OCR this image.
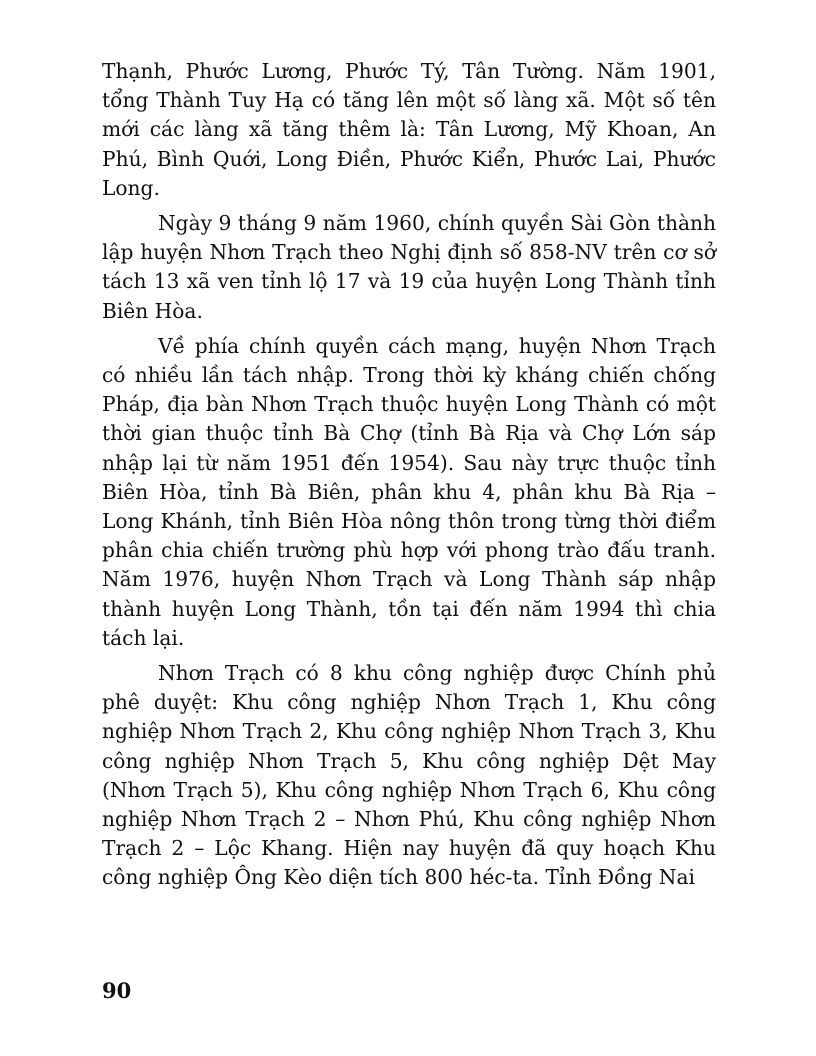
Thạnh, Phước Lương, Phước Tý, Tân Tường. Năm 1901, tổng Thành Tuy Hạ có tăng lên một số làng xã. Một số tên mới các làng xã tăng thêm là: Tân Lương, Mỹ Khoan, An Phú, Bình Quới, Long Điền, Phước Kiển, Phước Lai, Phước Long.

Ngày 9 tháng 9 năm 1960, chính quyền Sài Gòn thành lập huyện Nhơn Trạch theo Nghị định số 858-NV trên cơ sở tách 13 xã ven tỉnh lộ 17 và 19 của huyện Long Thành tỉnh Biên Hòa.

Về phía chính quyền cách mạng, huyện Nhơn Trạch có nhiều lần tách nhập. Trong thời kỳ kháng chiến chống Pháp, địa bàn Nhơn Trạch thuộc huyện Long Thành có một thời gian thuộc tỉnh Bà Chợ (tỉnh Bà Rịa và Chợ Lớn sáp nhập lại từ năm 1951 đến 1954). Sau này trực thuộc tỉnh Biên Hòa, tỉnh Bà Biên, phân khu 4, phân khu Bà Rịa – Long Khánh, tỉnh Biên Hòa nông thôn trong từng thời điểm phân chia chiến trường phù hợp với phong trào đấu tranh. Năm 1976, huyện Nhơn Trạch và Long Thành sáp nhập thành huyện Long Thành, tồn tại đến năm 1994 thì chia tách lại.

Nhơn Trạch có 8 khu công nghiệp được Chính phủ phê duyệt: Khu công nghiệp Nhơn Trạch 1, Khu công nghiệp Nhơn Trạch 2, Khu công nghiệp Nhơn Trạch 3, Khu công nghiệp Nhơn Trạch 5, Khu công nghiệp Dệt May (Nhơn Trạch 5), Khu công nghiệp Nhơn Trạch 6, Khu công nghiệp Nhơn Trạch 2 – Nhơn Phú, Khu công nghiệp Nhơn Trạch 2 – Lộc Khang. Hiện nay huyện đã quy hoạch Khu công nghiệp Ông Kèo diện tích 800 héc-ta. Tỉnh Đồng Nai

90
